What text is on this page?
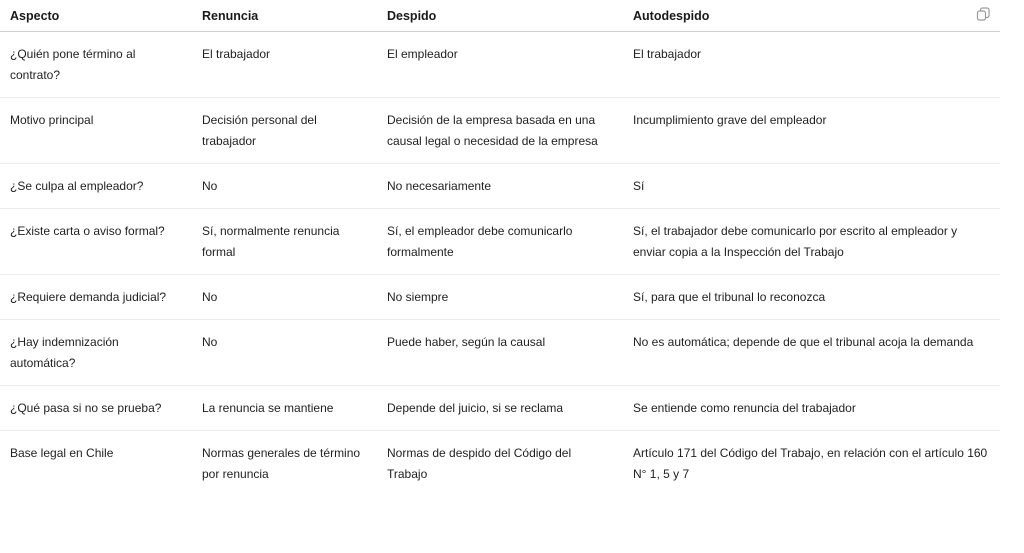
Aspecto	Renuncia	Despido	Autodespido
¿Quién pone término al contrato?	El trabajador	El empleador	El trabajador
Motivo principal	Decisión personal del trabajador	Decisión de la empresa basada en una causal legal o necesidad de la empresa	Incumplimiento grave del empleador
¿Se culpa al empleador?	No	No necesariamente	Sí
¿Existe carta o aviso formal?	Sí, normalmente renuncia formal	Sí, el empleador debe comunicarlo formalmente	Sí, el trabajador debe comunicarlo por escrito al empleador y enviar copia a la Inspección del Trabajo
¿Requiere demanda judicial?	No	No siempre	Sí, para que el tribunal lo reconozca
¿Hay indemnización automática?	No	Puede haber, según la causal	No es automática; depende de que el tribunal acoja la demanda
¿Qué pasa si no se prueba?	La renuncia se mantiene	Depende del juicio, si se reclama	Se entiende como renuncia del trabajador
Base legal en Chile	Normas generales de término por renuncia	Normas de despido del Código del Trabajo	Artículo 171 del Código del Trabajo, en relación con el artículo 160 N° 1, 5 y 7
